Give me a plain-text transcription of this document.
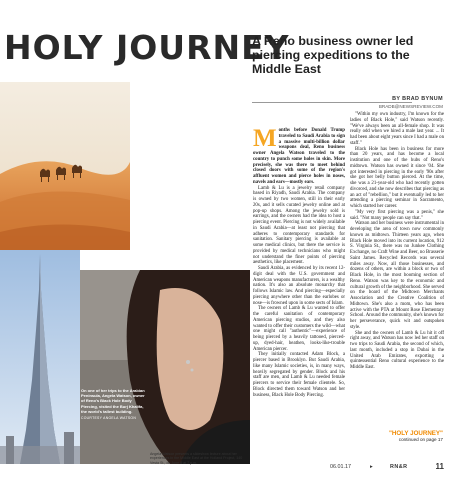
HOLY JOURNEY
A Reno business owner led piercing expeditions to the Middle East
BY BRAD BYNUM
BRADB@NEWSREVIEW.COM
On one of her trips to the Arabian Peninsula, Angela Watson, owner of Reno's Black Hole Body Piercing, visited the Burj Khalifa, the world's tallest building.
COURTESY ANGELA WATSON
Angela Watson presents a slideshow lecture about her experiences in the Middle East at the Holland Project, 140 Vesta St., on June 8 at 7 p.m.

Months before Donald Trump traveled to Saudi Arabia to sign a massive multi-billion dollar weapons deal, Reno business owner Angela Watson traveled to the country to punch some holes in skin. More precisely, she was there to meet behind closed doors with some of the region's affluent women and pierce holes in noses, navels and ears—mostly ears.

Lamb & Lu is a jewelry retail company based in Riyadh, Saudi Arabia. The company is owned by two women, still in their early 20s, and it sells curated jewelry online and at pop-up shops. Among the jewelry sold is earrings, and the owners had the idea to host a piercing event. Piercing is not widely available in Saudi Arabia—at least not piercing that adheres to contemporary standards for sanitation. Sanitary piercing is available at some medical clinics, but there the service is provided by medical technicians who might not understand the finer points of piercing aesthetics, like placement.

Saudi Arabia, as evidenced by its recent 12-digit deal with the U.S. government and American weapons manufacturers, is a wealthy nation. It's also an absolute monarchy that follows Islamic law. And piercing—especially piercing anywhere other than the earlobes or nose—is frowned upon in some sects of Islam.

The owners of Lamb & Lu wanted to offer the careful sanitation of contemporary American piercing studios, and they also wanted to offer their customers the wild—what one might call "authentic"—experience of being pierced by a heavily tattooed, pierced-up, dyed-hair, heathen, looks-like-trouble American piercer.

They initially contacted Adam Block, a piercer based in Brooklyn. But Saudi Arabia, like many Islamic societies, is, in many ways, heavily segregated by gender. Block and his staff are men, and Lamb & Lu needed female piercers to service their female clientele. So, Block directed them toward Watson and her business, Black Hole Body Piercing.

"Within my own industry, I'm known for the ladies of Black Hole," said Watson recently. "We've always been an all-female shop. It was really odd when we hired a male last year. ... It had been about eight years since I had a male on staff."

Black Hole has been in business for more than 20 years, and has become a local institution and one of the hubs of Reno's midtown. Watson has owned it since '04. She got interested in piercing in the early '90s after she got her belly button pierced. At the time, she was a 21-year-old who had recently gotten divorced, and she now describes that piercing as an act of "rebellion," but it eventually led to her attending a piercing seminar in Sacramento, which started her career.

"My very first piercing was a penis," she said. "Not many people can say that."

Watson and her business were instrumental in developing the area of town now commonly known as midtown. Thirteen years ago, when Black Hole moved into its current location, 912 S. Virginia St., there was no Junkee Clothing Exchange, no Craft Wine and Beer, no Brasserie Saint James. Recycled Records was several miles away. Now, all those businesses, and dozens of others, are within a block or two of Black Hole, in the most booming section of Reno. Watson was key to the economic and cultural growth of the neighborhood. She served on the board of the Midtown Merchants Association and the Creative Coalition of Midtown. She's also a mom, who has been active with the PTA at Mount Rose Elementary School. Around the community, she's known for her perseverance, quick wit and outspoken style.

She and the owners of Lamb & Lu hit it off right away, and Watson has now led her staff on two trips to Saudi Arabia, the second of which, last month, included a stop in Dubai in the United Arab Emirates, exporting a quintessential Reno cultural experience to the Middle East.

"HOLY JOURNEY"
continued on page 17
06.01.17	▸	RN&R	11
